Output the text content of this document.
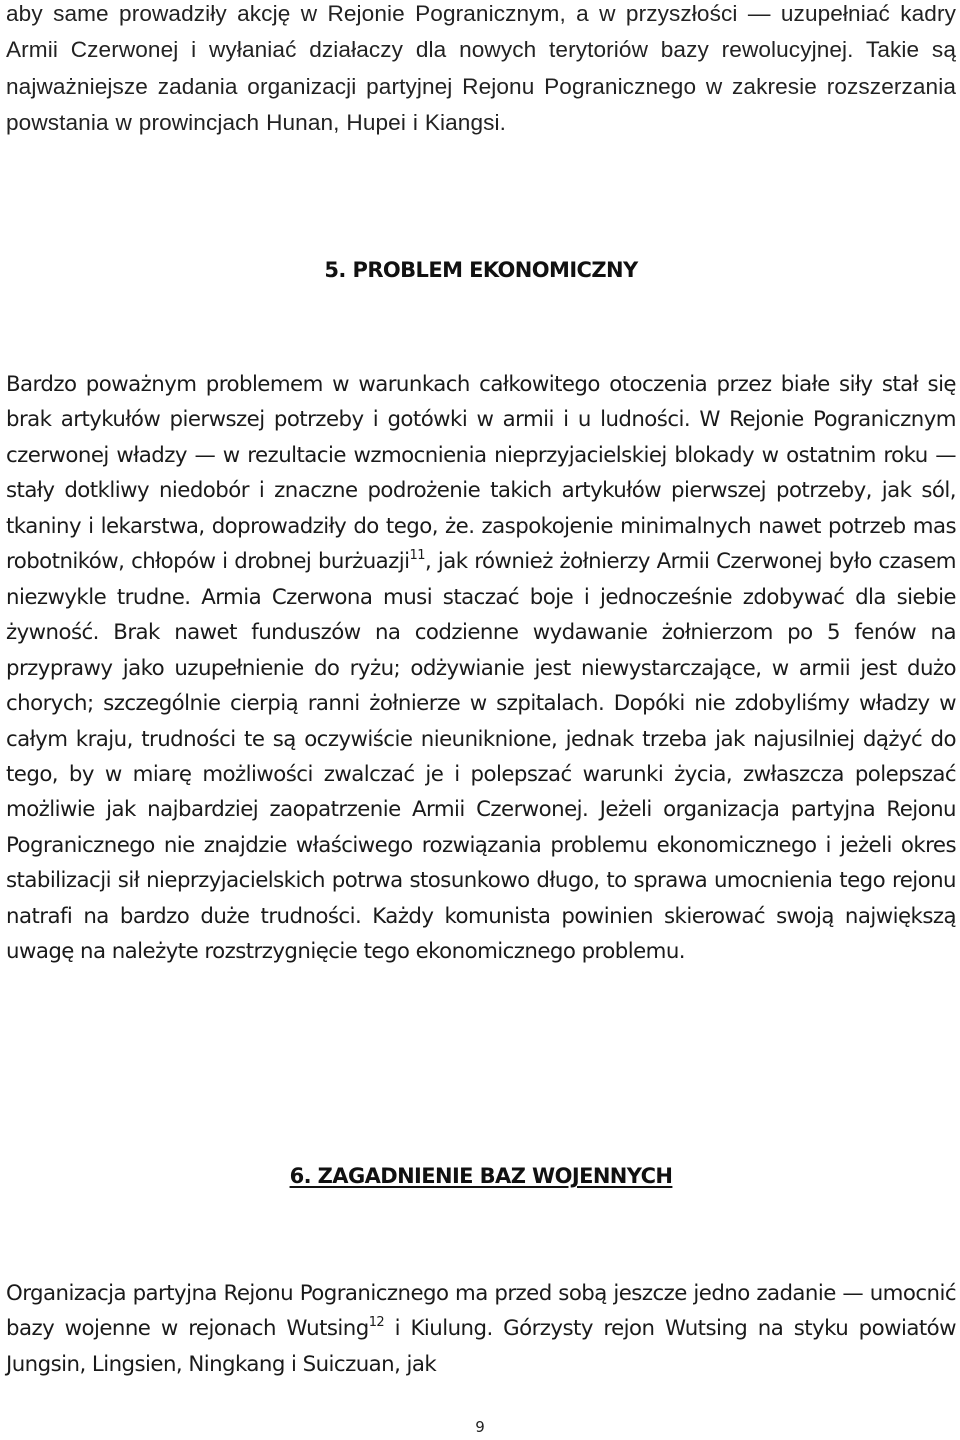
aby same prowadziły akcję w Rejonie Pogranicznym, a w przyszłości — uzupełniać kadry Armii Czerwonej i wyłaniać działaczy dla nowych terytoriów bazy rewolucyjnej. Takie są najważniejsze zadania organizacji partyjnej Rejonu Pogranicznego w zakresie rozszerzania powstania w prowincjach Hunan, Hupei i Kiangsi.

5. PROBLEM EKONOMICZNY

Bardzo poważnym problemem w warunkach całkowitego otoczenia przez białe siły stał się brak artykułów pierwszej potrzeby i gotówki w armii i u ludności. W Rejonie Pogranicznym czerwonej władzy — w rezultacie wzmocnienia nieprzyjacielskiej blokady w ostatnim roku — stały dotkliwy niedobór i znaczne podrożenie takich artykułów pierwszej potrzeby, jak sól, tkaniny i lekarstwa, doprowadziły do tego, że. zaspokojenie minimalnych nawet potrzeb mas robotników, chłopów i drobnej burżuazji$^{11}$, jak również żołnierzy Armii Czerwonej było czasem niezwykle trudne. Armia Czerwona musi staczać boje i jednocześnie zdobywać dla siebie żywność. Brak nawet funduszów na codzienne wydawanie żołnierzom po 5 fenów na przyprawy jako uzupełnienie do ryżu; odżywianie jest niewystarczające, w armii jest dużo chorych; szczególnie cierpią ranni żołnierze w szpitalach. Dopóki nie zdobyliśmy władzy w całym kraju, trudności te są oczywiście nieuniknione, jednak trzeba jak najusilniej dążyć do tego, by w miarę możliwości zwalczać je i polepszać warunki życia, zwłaszcza polepszać możliwie jak najbardziej zaopatrzenie Armii Czerwonej. Jeżeli organizacja partyjna Rejonu Pogranicznego nie znajdzie właściwego rozwiązania problemu ekonomicznego i jeżeli okres stabilizacji sił nieprzyjacielskich potrwa stosunkowo długo, to sprawa umocnienia tego rejonu natrafi na bardzo duże trudności. Każdy komunista powinien skierować swoją największą uwagę na należyte rozstrzygnięcie tego ekonomicznego problemu.

6. ZAGADNIENIE BAZ WOJENNYCH

Organizacja partyjna Rejonu Pogranicznego ma przed sobą jeszcze jedno zadanie — umocnić bazy wojenne w rejonach Wutsing$^{12}$ i Kiulung. Górzysty rejon Wutsing na styku powiatów Jungsin, Lingsien, Ningkang i Suiczuan, jak

9
